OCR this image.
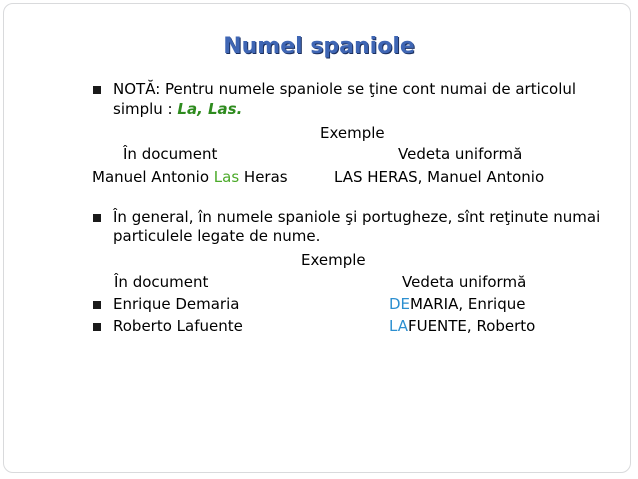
Numel spaniole
NOTĂ: Pentru numele spaniole se ţine cont numai de articolul
simplu : La, Las.
Exemple
În document	Vedeta uniformă
Manuel Antonio Las Heras	LAS HERAS, Manuel Antonio
În general, în numele spaniole şi portugheze, sînt reţinute numai
particulele legate de nume.
Exemple
În document	Vedeta uniformă
Enrique Demaria	DEMARIA, Enrique
Roberto Lafuente	LAFUENTE, Roberto
